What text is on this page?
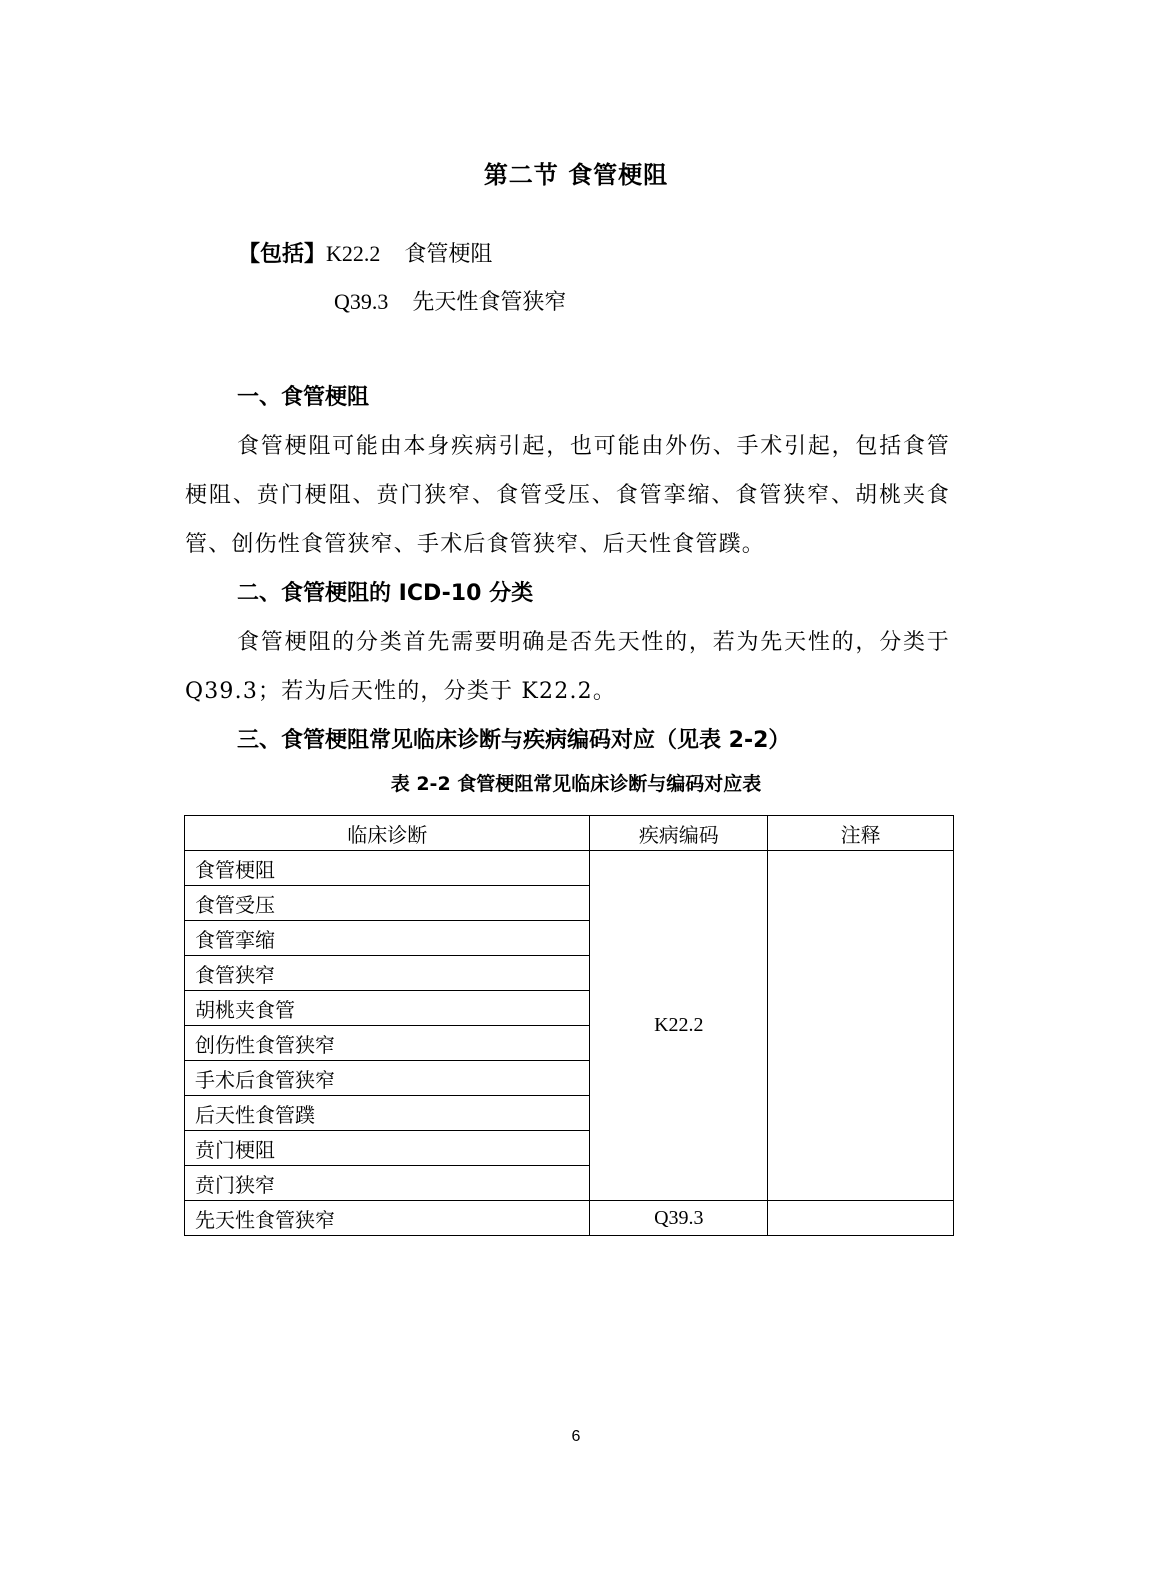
第二节 食管梗阻
【包括】K22.2 食管梗阻
Q39.3 先天性食管狭窄
一、食管梗阻
食管梗阻可能由本身疾病引起，也可能由外伤、手术引起，包括食管梗阻、贲门梗阻、贲门狭窄、食管受压、食管挛缩、食管狭窄、胡桃夹食管、创伤性食管狭窄、手术后食管狭窄、后天性食管蹼。
二、食管梗阻的 ICD-10 分类
食管梗阻的分类首先需要明确是否先天性的，若为先天性的，分类于 Q39.3；若为后天性的，分类于 K22.2。
三、食管梗阻常见临床诊断与疾病编码对应（见表 2-2）
表 2-2 食管梗阻常见临床诊断与编码对应表
临床诊断	疾病编码	注释
食管梗阻	K22.2	
食管受压		
食管挛缩		
食管狭窄		
胡桃夹食管		
创伤性食管狭窄		
手术后食管狭窄		
后天性食管蹼		
贲门梗阻		
贲门狭窄		
先天性食管狭窄	Q39.3	
6
